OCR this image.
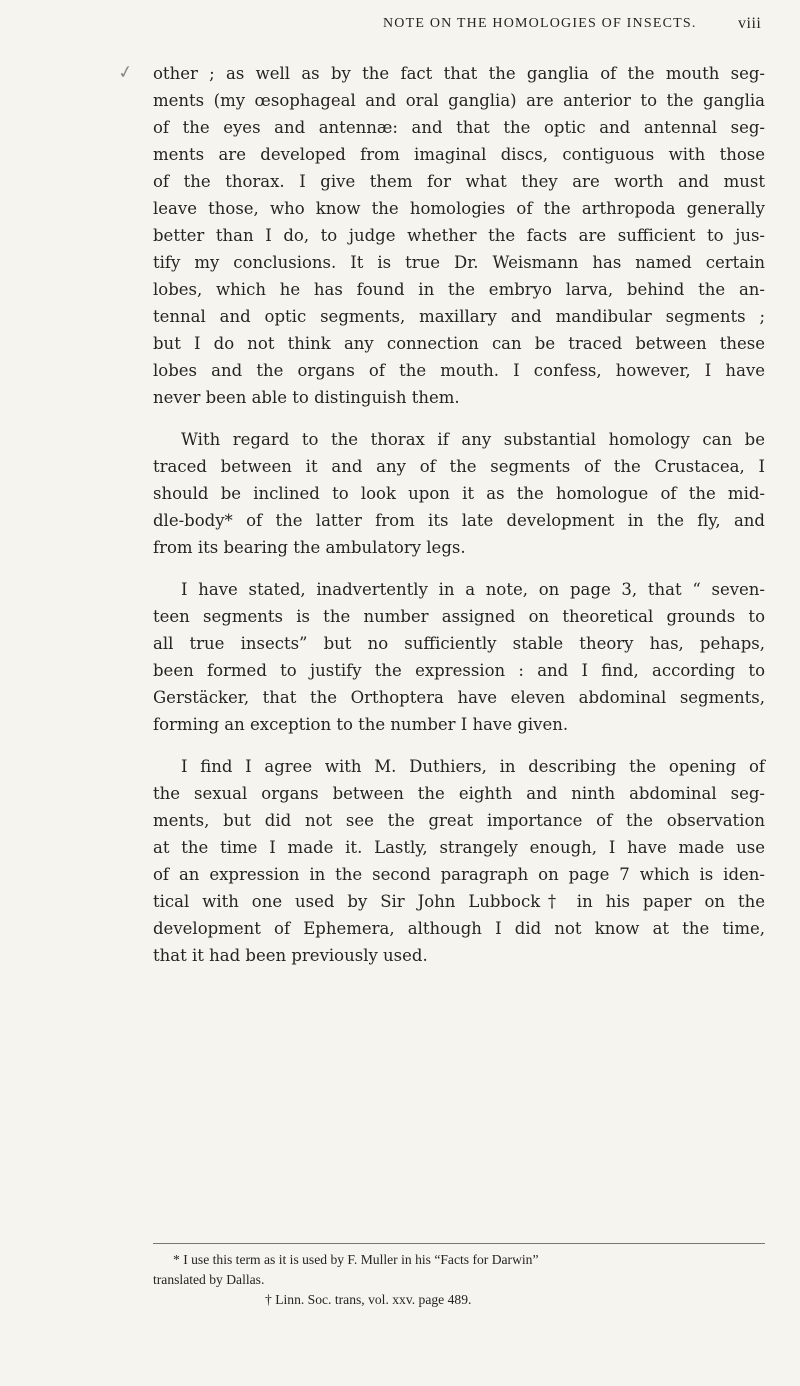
NOTE ON THE HOMOLOGIES OF INSECTS.	viii
✓ other ; as well as by the fact that the ganglia of the mouth seg-
ments (my œsophageal and oral ganglia) are anterior to the ganglia
of the eyes and antennæ: and that the optic and antennal seg-
ments are developed from imaginal discs, contiguous with those
of the thorax. I give them for what they are worth and must
leave those, who know the homologies of the arthropoda generally
better than I do, to judge whether the facts are sufficient to jus-
tify my conclusions. It is true Dr. Weismann has named certain
lobes, which he has found in the embryo larva, behind the an-
tennal and optic segments, maxillary and mandibular segments ;
but I do not think any connection can be traced between these
lobes and the organs of the mouth. I confess, however, I have
never been able to distinguish them.

With regard to the thorax if any substantial homology can be
traced between it and any of the segments of the Crustacea, I
should be inclined to look upon it as the homologue of the mid-
dle-body* of the latter from its late development in the fly, and
from its bearing the ambulatory legs.

I have stated, inadvertently in a note, on page 3, that “ seven-
teen segments is the number assigned on theoretical grounds to
all true insects” but no sufficiently stable theory has, pehaps,
been formed to justify the expression : and I find, according to
Gerstäcker, that the Orthoptera have eleven abdominal segments,
forming an exception to the number I have given.

I find I agree with M. Duthiers, in describing the opening of
the sexual organs between the eighth and ninth abdominal seg-
ments, but did not see the great importance of the observation
at the time I made it. Lastly, strangely enough, I have made use
of an expression in the second paragraph on page 7 which is iden-
tical with one used by Sir John Lubbock† in his paper on the
development of Ephemera, although I did not know at the time,
that it had been previously used.

* I use this term as it is used by F. Muller in his “Facts for Darwin”
translated by Dallas.

† Linn. Soc. trans, vol. xxv. page 489.
